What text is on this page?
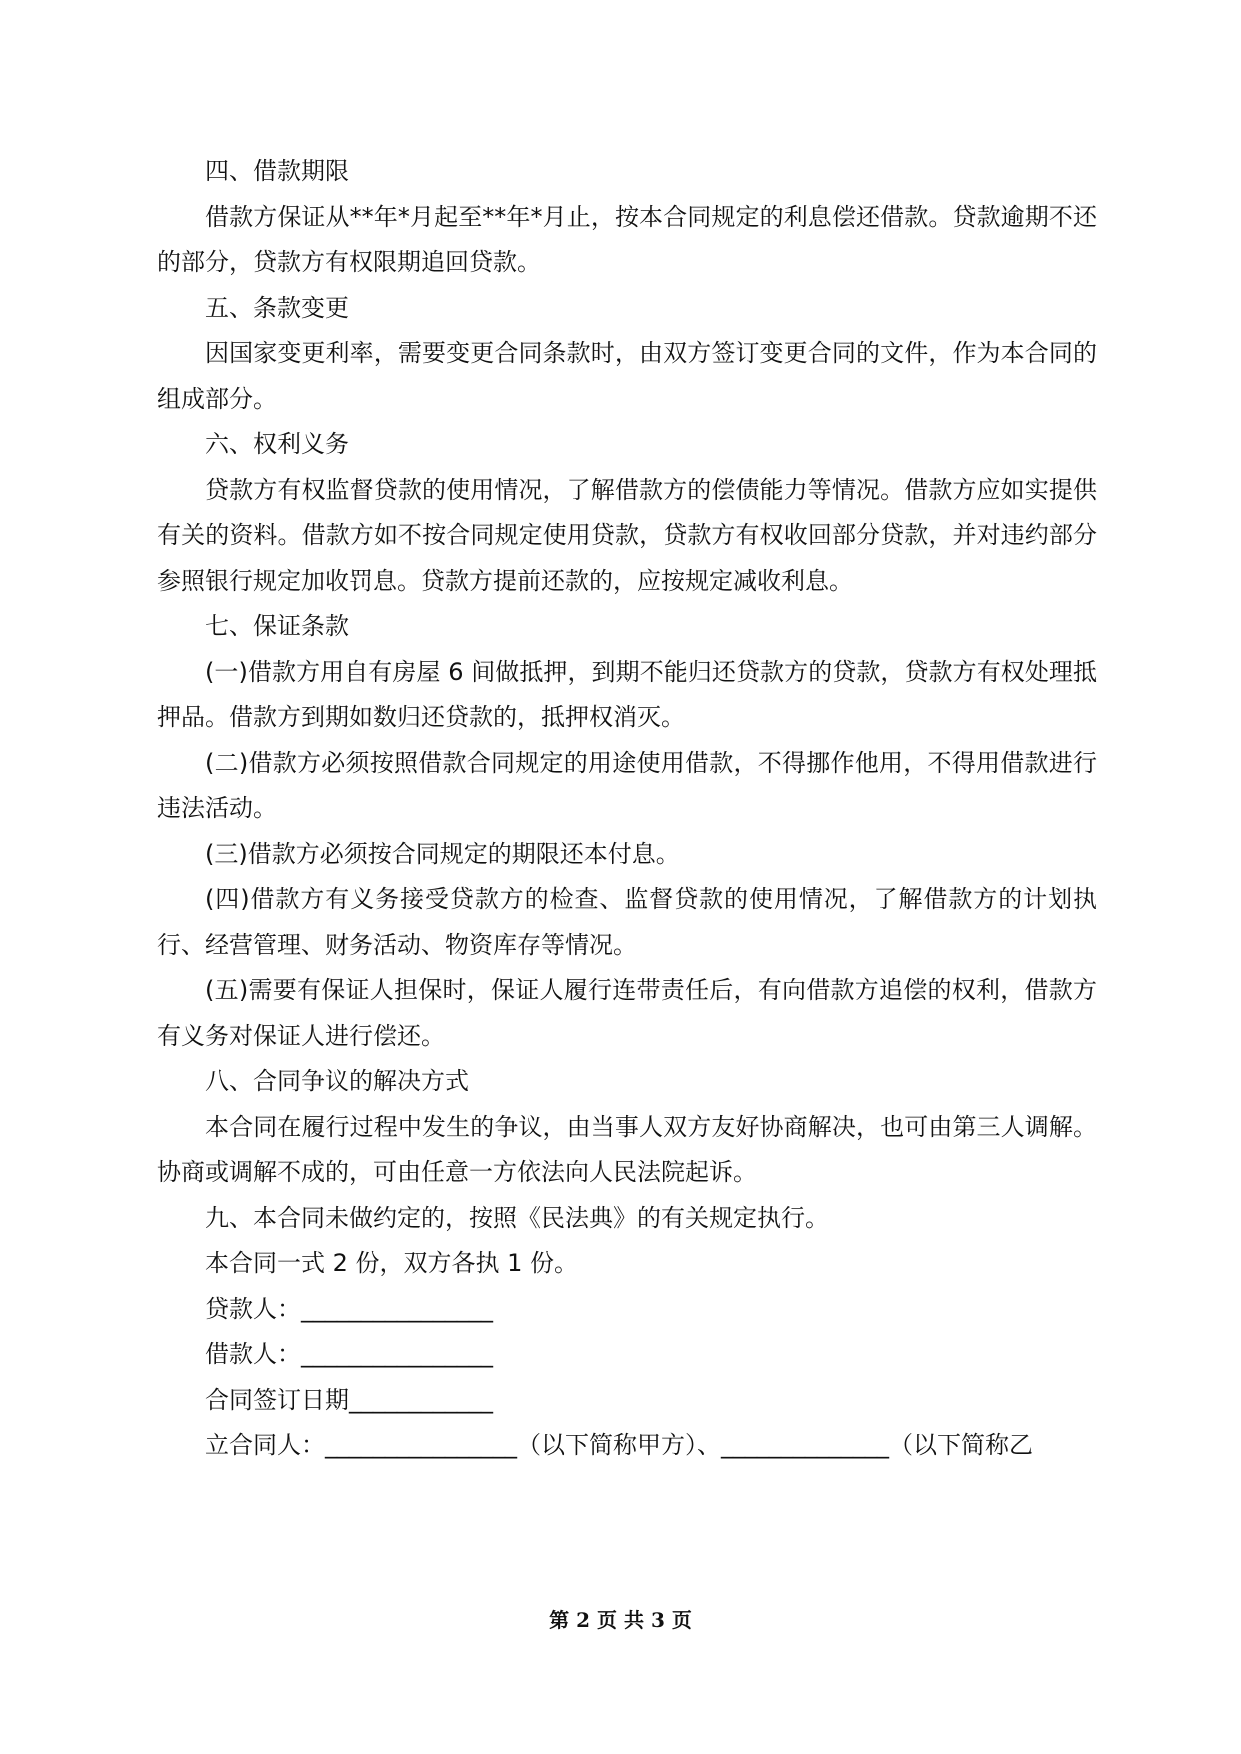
四、借款期限

借款方保证从**年*月起至**年*月止，按本合同规定的利息偿还借款。贷款逾期不还的部分，贷款方有权限期追回贷款。

五、条款变更

因国家变更利率，需要变更合同条款时，由双方签订变更合同的文件，作为本合同的组成部分。

六、权利义务

贷款方有权监督贷款的使用情况，了解借款方的偿债能力等情况。借款方应如实提供有关的资料。借款方如不按合同规定使用贷款，贷款方有权收回部分贷款，并对违约部分参照银行规定加收罚息。贷款方提前还款的，应按规定减收利息。

七、保证条款

(一)借款方用自有房屋 6 间做抵押，到期不能归还贷款方的贷款，贷款方有权处理抵押品。借款方到期如数归还贷款的，抵押权消灭。

(二)借款方必须按照借款合同规定的用途使用借款，不得挪作他用，不得用借款进行违法活动。

(三)借款方必须按合同规定的期限还本付息。

(四)借款方有义务接受贷款方的检查、监督贷款的使用情况，了解借款方的计划执行、经营管理、财务活动、物资库存等情况。

(五)需要有保证人担保时，保证人履行连带责任后，有向借款方追偿的权利，借款方有义务对保证人进行偿还。

八、合同争议的解决方式

本合同在履行过程中发生的争议，由当事人双方友好协商解决，也可由第三人调解。协商或调解不成的，可由任意一方依法向人民法院起诉。

九、本合同未做约定的，按照《民法典》的有关规定执行。

本合同一式 2 份，双方各执 1 份。

贷款人：________________

借款人：________________

合同签订日期____________

立合同人：________________（以下简称甲方）、______________（以下简称乙

第 2 页 共 3 页
